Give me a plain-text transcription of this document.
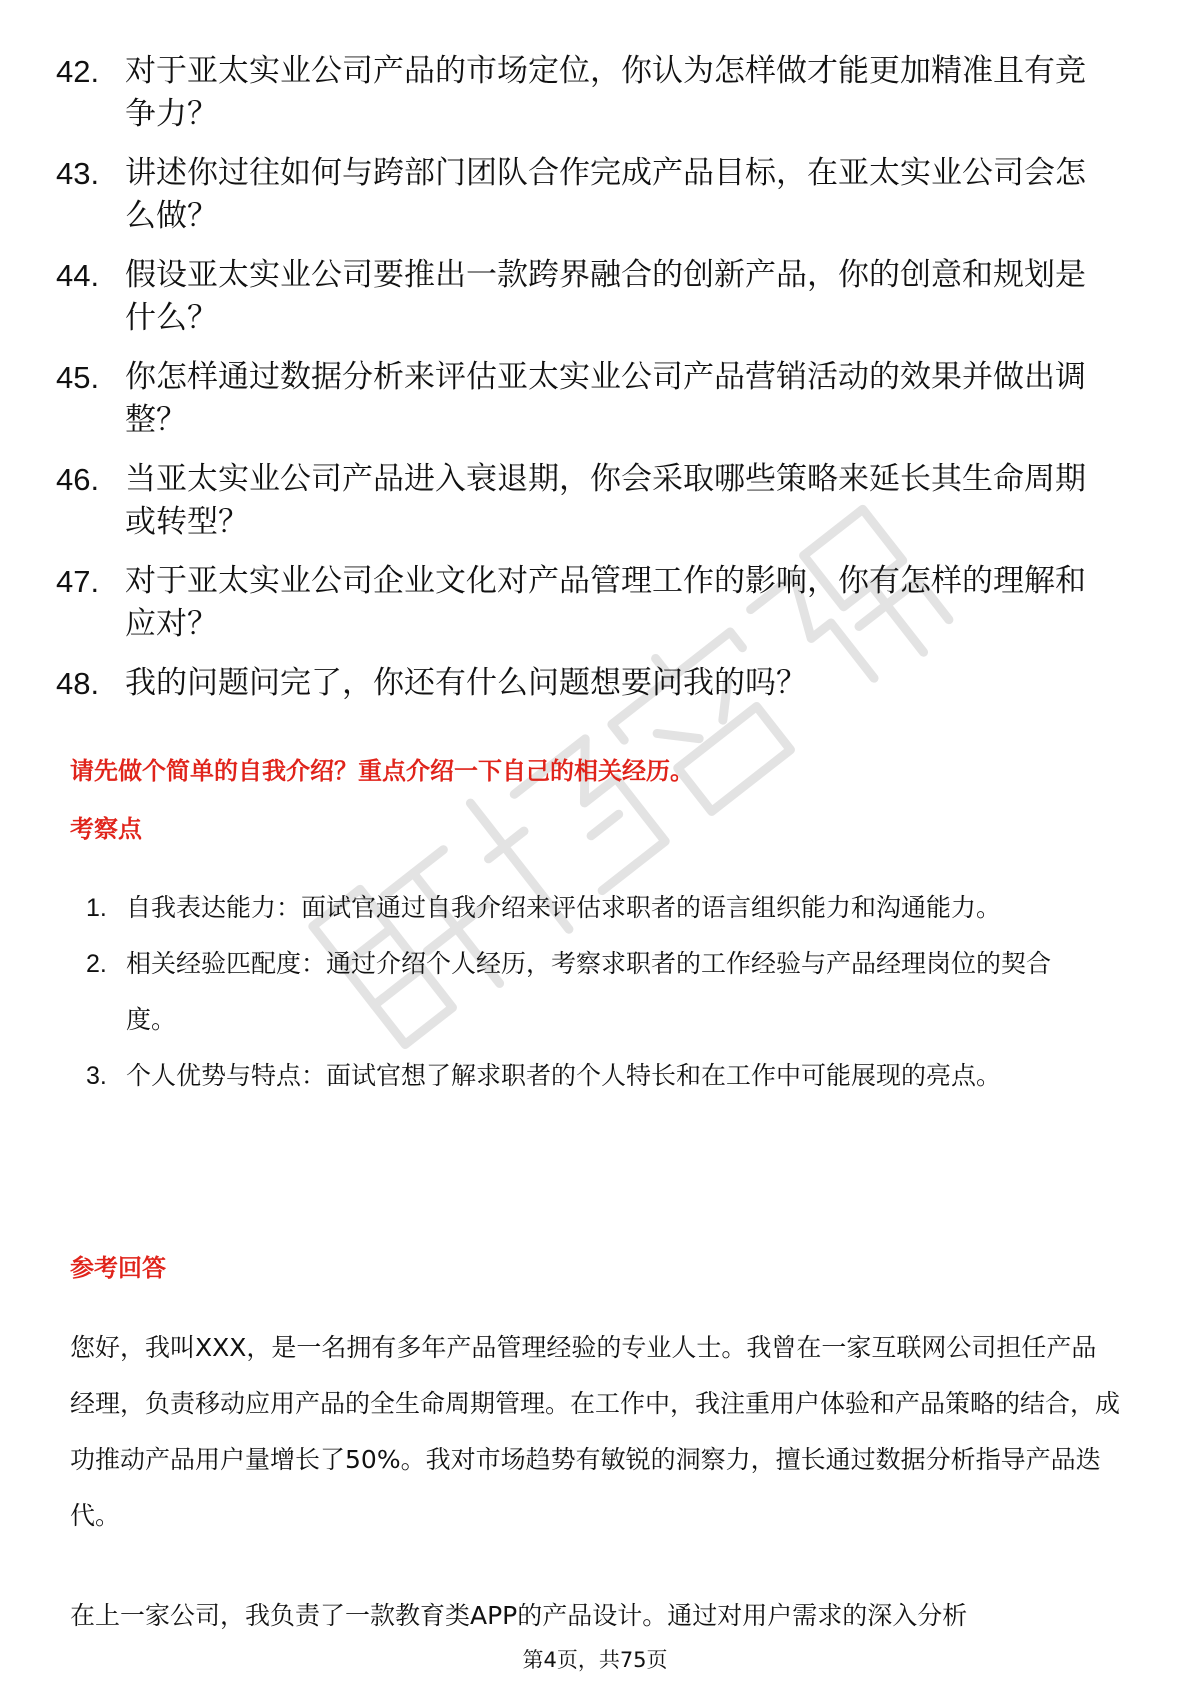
42. 对于亚太实业公司产品的市场定位，你认为怎样做才能更加精准且有竞争力？
43. 讲述你过往如何与跨部门团队合作完成产品目标，在亚太实业公司会怎么做？
44. 假设亚太实业公司要推出一款跨界融合的创新产品，你的创意和规划是什么？
45. 你怎样通过数据分析来评估亚太实业公司产品营销活动的效果并做出调整？
46. 当亚太实业公司产品进入衰退期，你会采取哪些策略来延长其生命周期或转型？
47. 对于亚太实业公司企业文化对产品管理工作的影响，你有怎样的理解和应对？
48. 我的问题问完了，你还有什么问题想要问我的吗？
请先做个简单的自我介绍？重点介绍一下自己的相关经历。
考察点
1. 自我表达能力：面试官通过自我介绍来评估求职者的语言组织能力和沟通能力。
2. 相关经验匹配度：通过介绍个人经历，考察求职者的工作经验与产品经理岗位的契合度。
3. 个人优势与特点：面试官想了解求职者的个人特长和在工作中可能展现的亮点。
参考回答

您好，我叫XXX，是一名拥有多年产品管理经验的专业人士。我曾在一家互联网公司担任产品经理，负责移动应用产品的全生命周期管理。在工作中，我注重用户体验和产品策略的结合，成功推动产品用户量增长了50%。我对市场趋势有敏锐的洞察力，擅长通过数据分析指导产品迭代。

在上一家公司，我负责了一款教育类APP的产品设计。通过对用户需求的深入分析

第4页，共75页
